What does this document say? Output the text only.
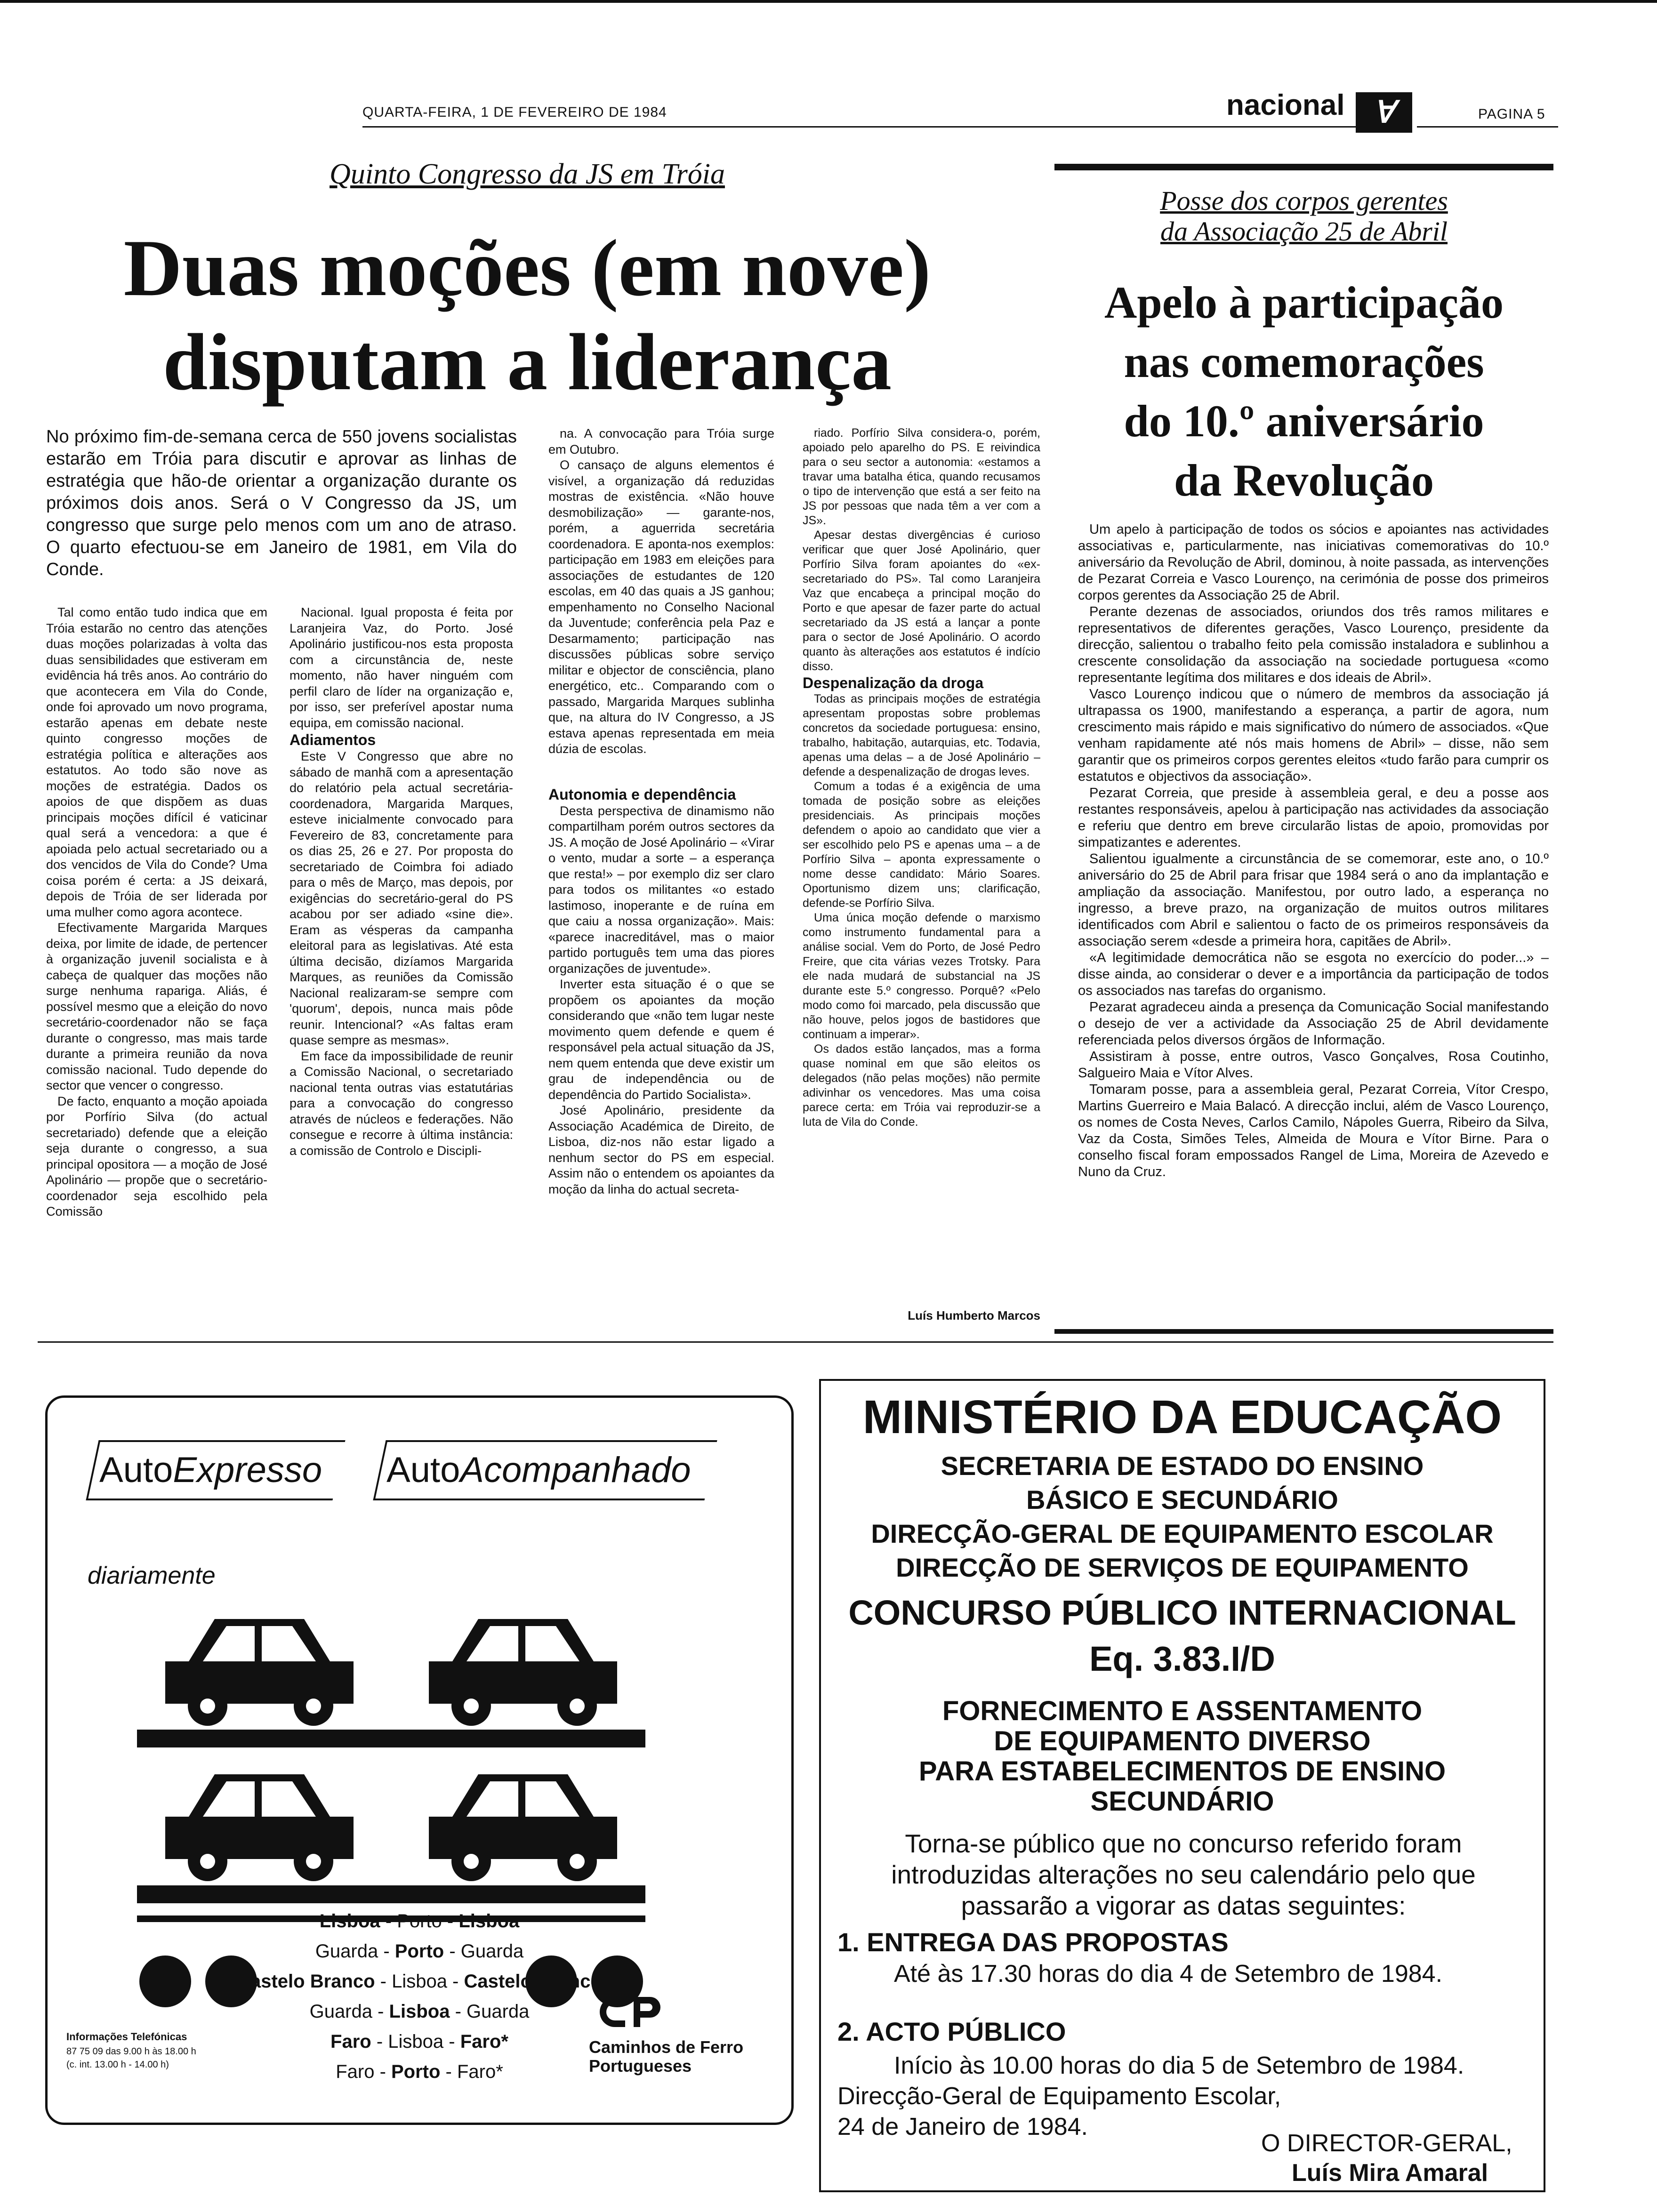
QUARTA-FEIRA, 1 DE FEVEREIRO DE 1984	nacional Ɐ	PAGINA 5
Quinto Congresso da JS em Tróia
Duas moções (em nove)
disputam a liderança
No próximo fim-de-semana cerca de 550 jovens socialistas estarão em Tróia para discutir e aprovar as linhas de estratégia que hão-de orientar a organização durante os próximos dois anos. Será o V Congresso da JS, um congresso que surge pelo menos com um ano de atraso. O quarto efectuou-se em Janeiro de 1981, em Vila do Conde.

Tal como então tudo indica que em Tróia estarão no centro das atenções duas moções polarizadas à volta das duas sensibilidades que estiveram em evidência há três anos. Ao contrário do que acontecera em Vila do Conde, onde foi aprovado um novo programa, estarão apenas em debate neste quinto congresso moções de estratégia política e alterações aos estatutos. Ao todo são nove as moções de estratégia. Dados os apoios de que dispõem as duas principais moções difícil é vaticinar qual será a vencedora: a que é apoiada pelo actual secretariado ou a dos vencidos de Vila do Conde? Uma coisa porém é certa: a JS deixará, depois de Tróia de ser liderada por uma mulher como agora acontece.

Efectivamente Margarida Marques deixa, por limite de idade, de pertencer à organização juvenil socialista e à cabeça de qualquer das moções não surge nenhuma rapariga. Aliás, é possível mesmo que a eleição do novo secretário-coordenador não se faça durante o congresso, mas mais tarde durante a primeira reunião da nova comissão nacional. Tudo depende do sector que vencer o congresso.

De facto, enquanto a moção apoiada por Porfírio Silva (do actual secretariado) defende que a eleição seja durante o congresso, a sua principal opositora — a moção de José Apolinário — propõe que o secretário-coordenador seja escolhido pela Comissão

Nacional. Igual proposta é feita por Laranjeira Vaz, do Porto. José Apolinário justificou-nos esta proposta com a circunstância de, neste momento, não haver ninguém com perfil claro de líder na organização e, por isso, ser preferível apostar numa equipa, em comissão nacional.

Adiamentos

Este V Congresso que abre no sábado de manhã com a apresentação do relatório pela actual secretária-coordenadora, Margarida Marques, esteve inicialmente convocado para Fevereiro de 83, concretamente para os dias 25, 26 e 27. Por proposta do secretariado de Coimbra foi adiado para o mês de Março, mas depois, por exigências do secretário-geral do PS acabou por ser adiado «sine die». Eram as vésperas da campanha eleitoral para as legislativas. Até esta última decisão, dizíamos Margarida Marques, as reuniões da Comissão Nacional realizaram-se sempre com 'quorum', depois, nunca mais pôde reunir. Intencional? «As faltas eram quase sempre as mesmas».

Em face da impossibilidade de reunir a Comissão Nacional, o secretariado nacional tenta outras vias estatutárias para a convocação do congresso através de núcleos e federações. Não consegue e recorre à última instância: a comissão de Controlo e Discipli-

na. A convocação para Tróia surge em Outubro.

O cansaço de alguns elementos é visível, a organização dá reduzidas mostras de existência. «Não houve desmobilização» — garante-nos, porém, a aguerrida secretária coordenadora. E aponta-nos exemplos: participação em 1983 em eleições para associações de estudantes de 120 escolas, em 40 das quais a JS ganhou; empenhamento no Conselho Nacional da Juventude; conferência pela Paz e Desarmamento; participação nas discussões públicas sobre serviço militar e objector de consciência, plano energético, etc.. Comparando com o passado, Margarida Marques sublinha que, na altura do IV Congresso, a JS estava apenas representada em meia dúzia de escolas.

Autonomia e dependência

Desta perspectiva de dinamismo não compartilham porém outros sectores da JS. A moção de José Apolinário – «Virar o vento, mudar a sorte – a esperança que resta!» – por exemplo diz ser claro para todos os militantes «o estado lastimoso, inoperante e de ruína em que caiu a nossa organização». Mais: «parece inacreditável, mas o maior partido português tem uma das piores organizações de juventude».

Inverter esta situação é o que se propõem os apoiantes da moção considerando que «não tem lugar neste movimento quem defende e quem é responsável pela actual situação da JS, nem quem entenda que deve existir um grau de independência ou de dependência do Partido Socialista».

José Apolinário, presidente da Associação Académica de Direito, de Lisboa, diz-nos não estar ligado a nenhum sector do PS em especial. Assim não o entendem os apoiantes da moção da linha do actual secreta-

riado. Porfírio Silva considera-o, porém, apoiado pelo aparelho do PS. E reivindica para o seu sector a autonomia: «estamos a travar uma batalha ética, quando recusamos o tipo de intervenção que está a ser feito na JS por pessoas que nada têm a ver com a JS».

Apesar destas divergências é curioso verificar que quer José Apolinário, quer Porfírio Silva foram apoiantes do «ex-secretariado do PS». Tal como Laranjeira Vaz que encabeça a principal moção do Porto e que apesar de fazer parte do actual secretariado da JS está a lançar a ponte para o sector de José Apolinário. O acordo quanto às alterações aos estatutos é indício disso.

Despenalização da droga

Todas as principais moções de estratégia apresentam propostas sobre problemas concretos da sociedade portuguesa: ensino, trabalho, habitação, autarquias, etc. Todavia, apenas uma delas – a de José Apolinário – defende a despenalização de drogas leves.

Comum a todas é a exigência de uma tomada de posição sobre as eleições presidenciais. As principais moções defendem o apoio ao candidato que vier a ser escolhido pelo PS e apenas uma – a de Porfírio Silva – aponta expressamente o nome desse candidato: Mário Soares. Oportunismo dizem uns; clarificação, defende-se Porfírio Silva.

Uma única moção defende o marxismo como instrumento fundamental para a análise social. Vem do Porto, de José Pedro Freire, que cita várias vezes Trotsky. Para ele nada mudará de substancial na JS durante este 5.º congresso. Porquê? «Pelo modo como foi marcado, pela discussão que não houve, pelos jogos de bastidores que continuam a imperar».

Os dados estão lançados, mas a forma quase nominal em que são eleitos os delegados (não pelas moções) não permite adivinhar os vencedores. Mas uma coisa parece certa: em Tróia vai reproduzir-se a luta de Vila do Conde.

Luís Humberto Marcos
Posse dos corpos gerentes
da Associação 25 de Abril
Apelo à participação
nas comemorações
do 10.º aniversário
da Revolução

Um apelo à participação de todos os sócios e apoiantes nas actividades associativas e, particularmente, nas iniciativas comemorativas do 10.º aniversário da Revolução de Abril, dominou, à noite passada, as intervenções de Pezarat Correia e Vasco Lourenço, na cerimónia de posse dos primeiros corpos gerentes da Associação 25 de Abril.

Perante dezenas de associados, oriundos dos três ramos militares e representativos de diferentes gerações, Vasco Lourenço, presidente da direcção, salientou o trabalho feito pela comissão instaladora e sublinhou a crescente consolidação da associação na sociedade portuguesa «como representante legítima dos militares e dos ideais de Abril».

Vasco Lourenço indicou que o número de membros da associação já ultrapassa os 1900, manifestando a esperança, a partir de agora, num crescimento mais rápido e mais significativo do número de associados. «Que venham rapidamente até nós mais homens de Abril» – disse, não sem garantir que os primeiros corpos gerentes eleitos «tudo farão para cumprir os estatutos e objectivos da associação».

Pezarat Correia, que preside à assembleia geral, e deu a posse aos restantes responsáveis, apelou à participação nas actividades da associação e referiu que dentro em breve circularão listas de apoio, promovidas por simpatizantes e aderentes.

Salientou igualmente a circunstância de se comemorar, este ano, o 10.º aniversário do 25 de Abril para frisar que 1984 será o ano da implantação e ampliação da associação. Manifestou, por outro lado, a esperança no ingresso, a breve prazo, na organização de muitos outros militares identificados com Abril e salientou o facto de os primeiros responsáveis da associação serem «desde a primeira hora, capitães de Abril».

«A legitimidade democrática não se esgota no exercício do poder...» – disse ainda, ao considerar o dever e a importância da participação de todos os associados nas tarefas do organismo.

Pezarat agradeceu ainda a presença da Comunicação Social manifestando o desejo de ver a actividade da Associação 25 de Abril devidamente referenciada pelos diversos órgãos de Informação.

Assistiram à posse, entre outros, Vasco Gonçalves, Rosa Coutinho, Salgueiro Maia e Vítor Alves.

Tomaram posse, para a assembleia geral, Pezarat Correia, Vítor Crespo, Martins Guerreiro e Maia Balacó. A direcção inclui, além de Vasco Lourenço, os nomes de Costa Neves, Carlos Camilo, Nápoles Guerra, Ribeiro da Silva, Vaz da Costa, Simões Teles, Almeida de Moura e Vítor Birne. Para o conselho fiscal foram empossados Rangel de Lima, Moreira de Azevedo e Nuno da Cruz.

AutoExpresso AutoAcompanhado
diariamente
Lisboa - Porto - Lisboa
Guarda - Porto - Guarda
Castelo Branco - Lisboa - Castelo Branco
Guarda - Lisboa - Guarda
Faro - Lisboa - Faro*
Faro - Porto - Faro*
Informações Telefónicas
87 75 09 das 9.00 h às 18.00 h
(c. int. 13.00 h - 14.00 h)
Caminhos de Ferro
Portugueses
MINISTÉRIO DA EDUCAÇÃO
SECRETARIA DE ESTADO DO ENSINO
BÁSICO E SECUNDÁRIO
DIRECÇÃO-GERAL DE EQUIPAMENTO ESCOLAR
DIRECÇÃO DE SERVIÇOS DE EQUIPAMENTO
CONCURSO PÚBLICO INTERNACIONAL
Eq. 3.83.I/D
FORNECIMENTO E ASSENTAMENTO
DE EQUIPAMENTO DIVERSO
PARA ESTABELECIMENTOS DE ENSINO
SECUNDÁRIO
Torna-se público que no concurso referido foram introduzidas alterações no seu calendário pelo que passarão a vigorar as datas seguintes:
1. ENTREGA DAS PROPOSTAS
Até às 17.30 horas do dia 4 de Setembro de 1984.
2. ACTO PÚBLICO
Início às 10.00 horas do dia 5 de Setembro de 1984.
Direcção-Geral de Equipamento Escolar,
24 de Janeiro de 1984.
O DIRECTOR-GERAL,
Luís Mira Amaral
